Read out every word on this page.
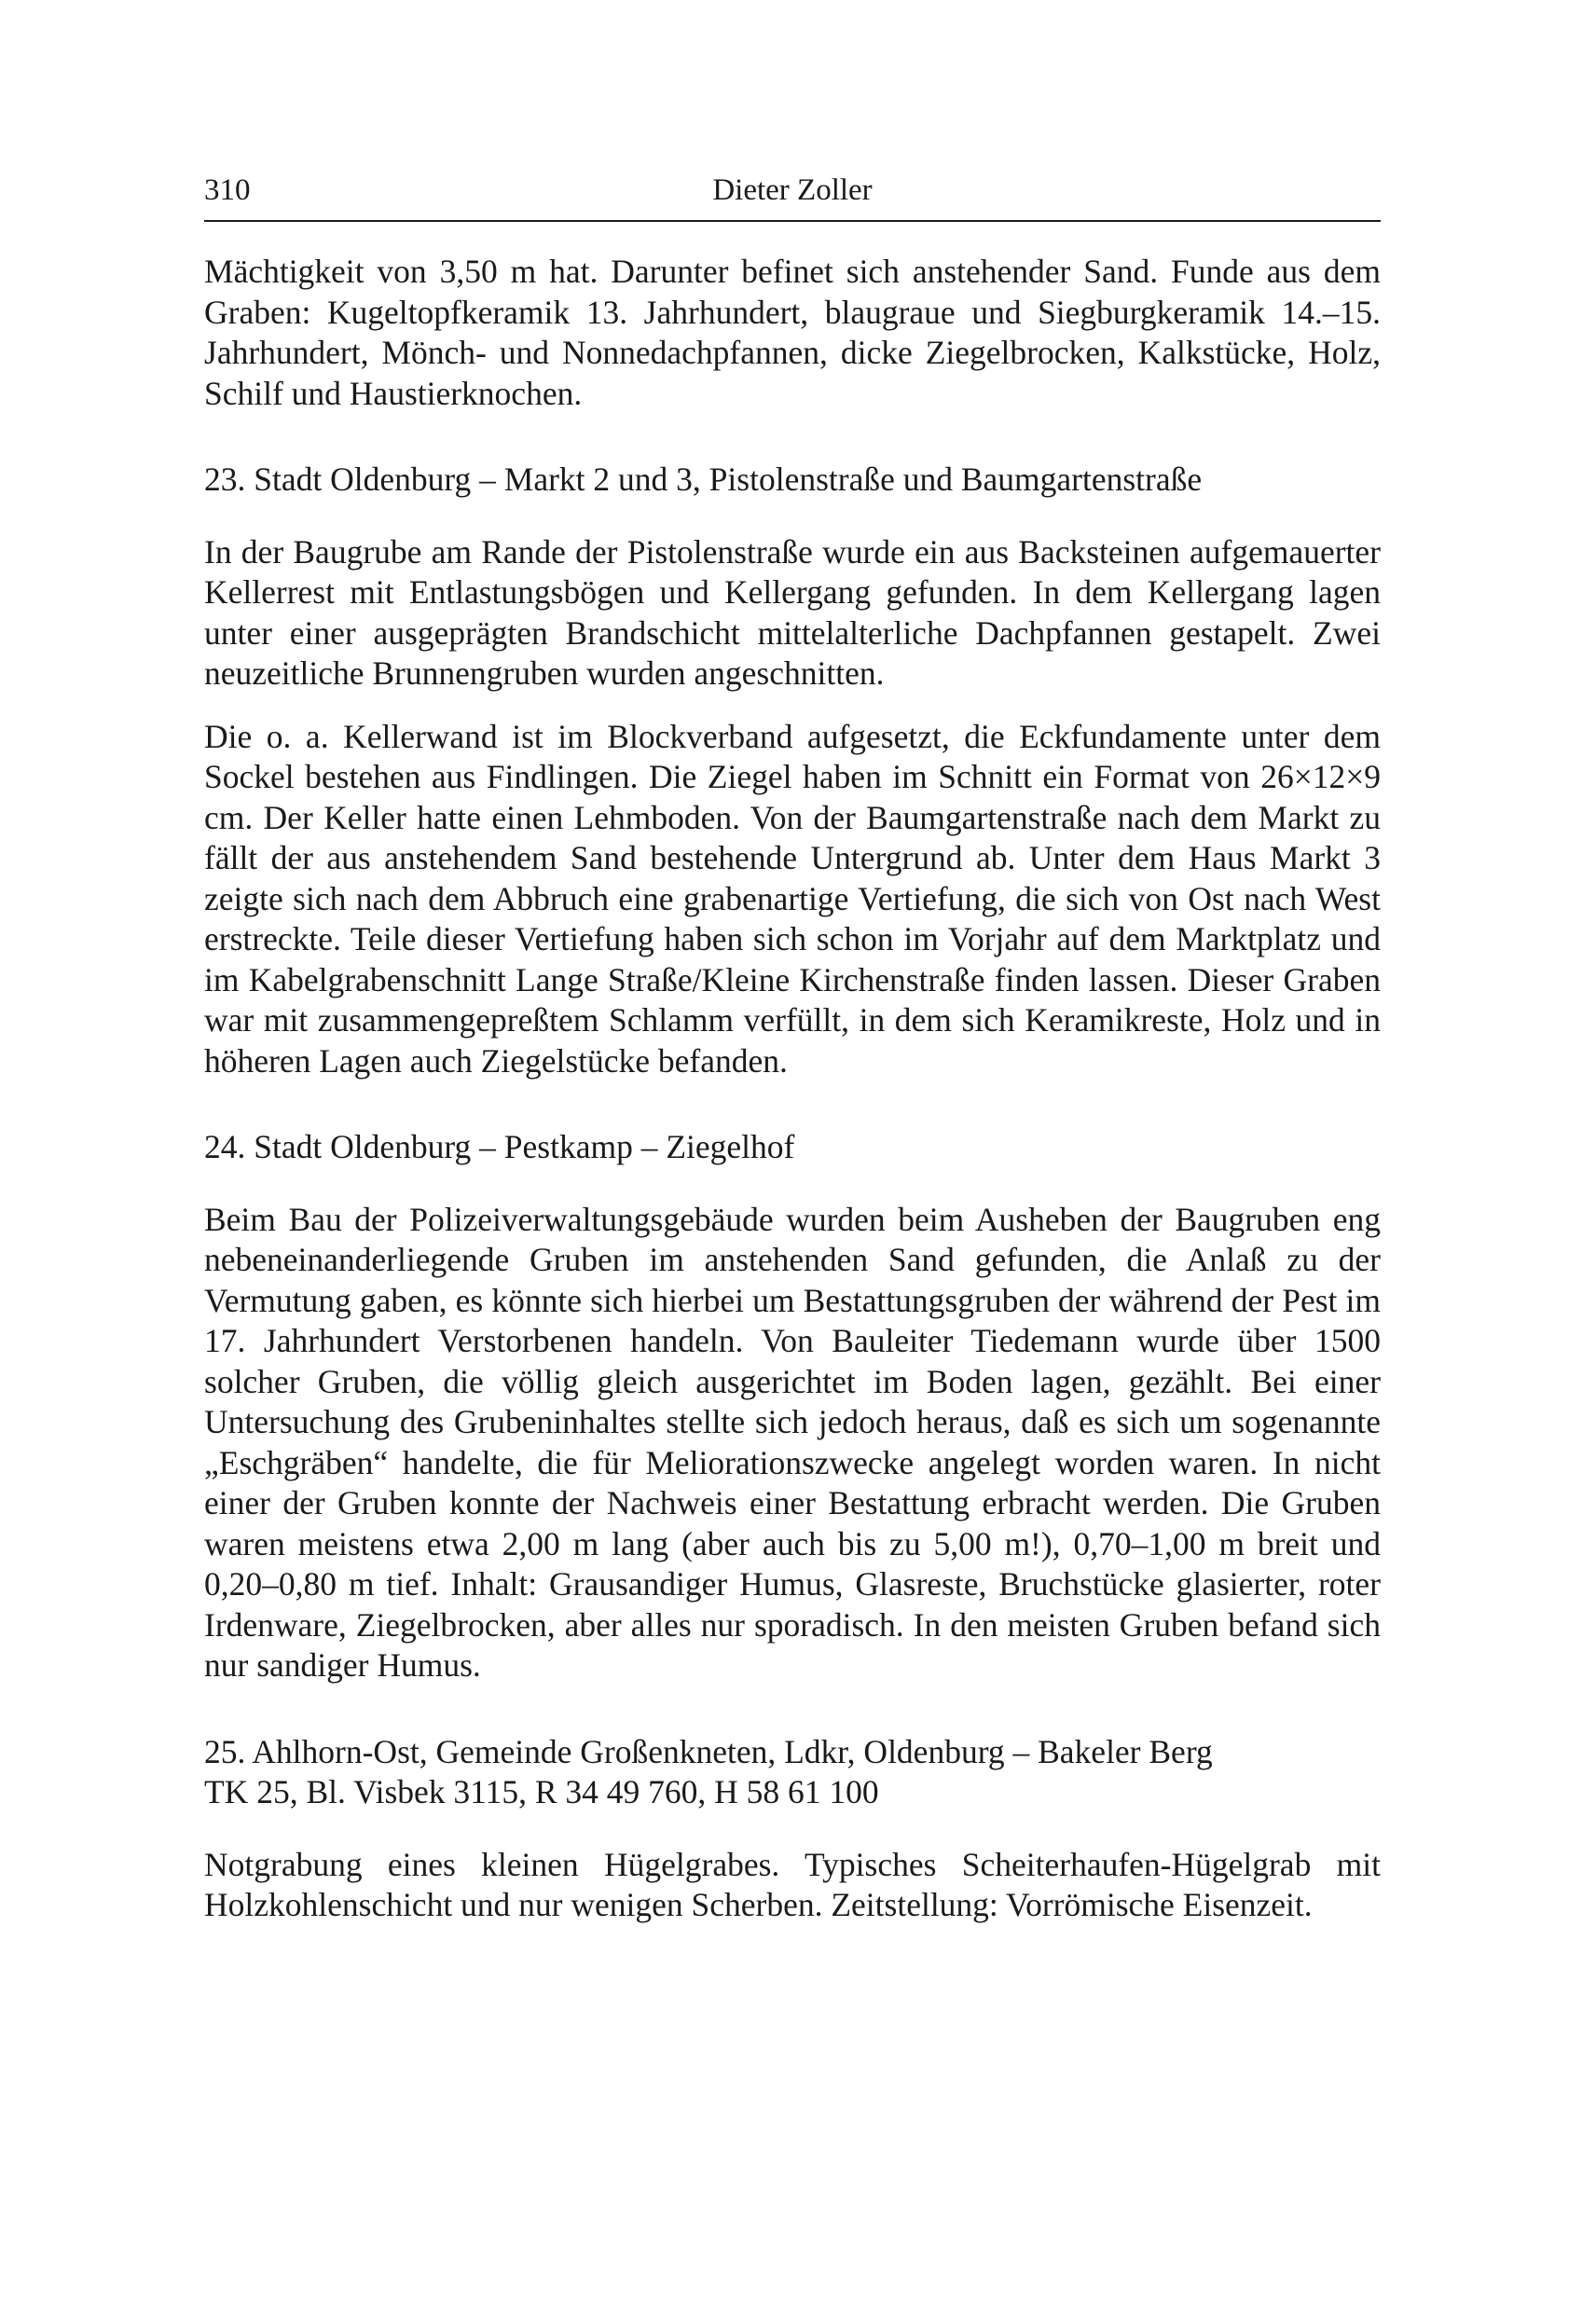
310	Dieter Zoller

Mächtigkeit von 3,50 m hat. Darunter befinet sich anstehender Sand. Funde aus dem Graben: Kugeltopfkeramik 13. Jahrhundert, blaugraue und Siegburgkeramik 14.–15. Jahrhundert, Mönch- und Nonnedachpfannen, dicke Ziegelbrocken, Kalkstücke, Holz, Schilf und Haustierknochen.

23. Stadt Oldenburg – Markt 2 und 3, Pistolenstraße und Baumgartenstraße

In der Baugrube am Rande der Pistolenstraße wurde ein aus Backsteinen aufgemauerter Kellerrest mit Entlastungsbögen und Kellergang gefunden. In dem Kellergang lagen unter einer ausgeprägten Brandschicht mittelalterliche Dachpfannen gestapelt. Zwei neuzeitliche Brunnengruben wurden angeschnitten.

Die o. a. Kellerwand ist im Blockverband aufgesetzt, die Eckfundamente unter dem Sockel bestehen aus Findlingen. Die Ziegel haben im Schnitt ein Format von 26×12×9 cm. Der Keller hatte einen Lehmboden. Von der Baumgartenstraße nach dem Markt zu fällt der aus anstehendem Sand bestehende Untergrund ab. Unter dem Haus Markt 3 zeigte sich nach dem Abbruch eine grabenartige Vertiefung, die sich von Ost nach West erstreckte. Teile dieser Vertiefung haben sich schon im Vorjahr auf dem Marktplatz und im Kabelgrabenschnitt Lange Straße/Kleine Kirchenstraße finden lassen. Dieser Graben war mit zusammengepreßtem Schlamm verfüllt, in dem sich Keramikreste, Holz und in höheren Lagen auch Ziegelstücke befanden.

24. Stadt Oldenburg – Pestkamp – Ziegelhof

Beim Bau der Polizeiverwaltungsgebäude wurden beim Ausheben der Baugruben eng nebeneinanderliegende Gruben im anstehenden Sand gefunden, die Anlaß zu der Vermutung gaben, es könnte sich hierbei um Bestattungsgruben der während der Pest im 17. Jahrhundert Verstorbenen handeln. Von Bauleiter Tiedemann wurde über 1500 solcher Gruben, die völlig gleich ausgerichtet im Boden lagen, gezählt. Bei einer Untersuchung des Grubeninhaltes stellte sich jedoch heraus, daß es sich um sogenannte „Eschgräben“ handelte, die für Meliorationszwecke angelegt worden waren. In nicht einer der Gruben konnte der Nachweis einer Bestattung erbracht werden. Die Gruben waren meistens etwa 2,00 m lang (aber auch bis zu 5,00 m!), 0,70–1,00 m breit und 0,20–0,80 m tief. Inhalt: Grausandiger Humus, Glasreste, Bruchstücke glasierter, roter Irdenware, Ziegelbrocken, aber alles nur sporadisch. In den meisten Gruben befand sich nur sandiger Humus.

25. Ahlhorn-Ost, Gemeinde Großenkneten, Ldkr, Oldenburg – Bakeler Berg
TK 25, Bl. Visbek 3115, R 34 49 760, H 58 61 100

Notgrabung eines kleinen Hügelgrabes. Typisches Scheiterhaufen-Hügelgrab mit Holzkohlenschicht und nur wenigen Scherben. Zeitstellung: Vorrömische Eisenzeit.
